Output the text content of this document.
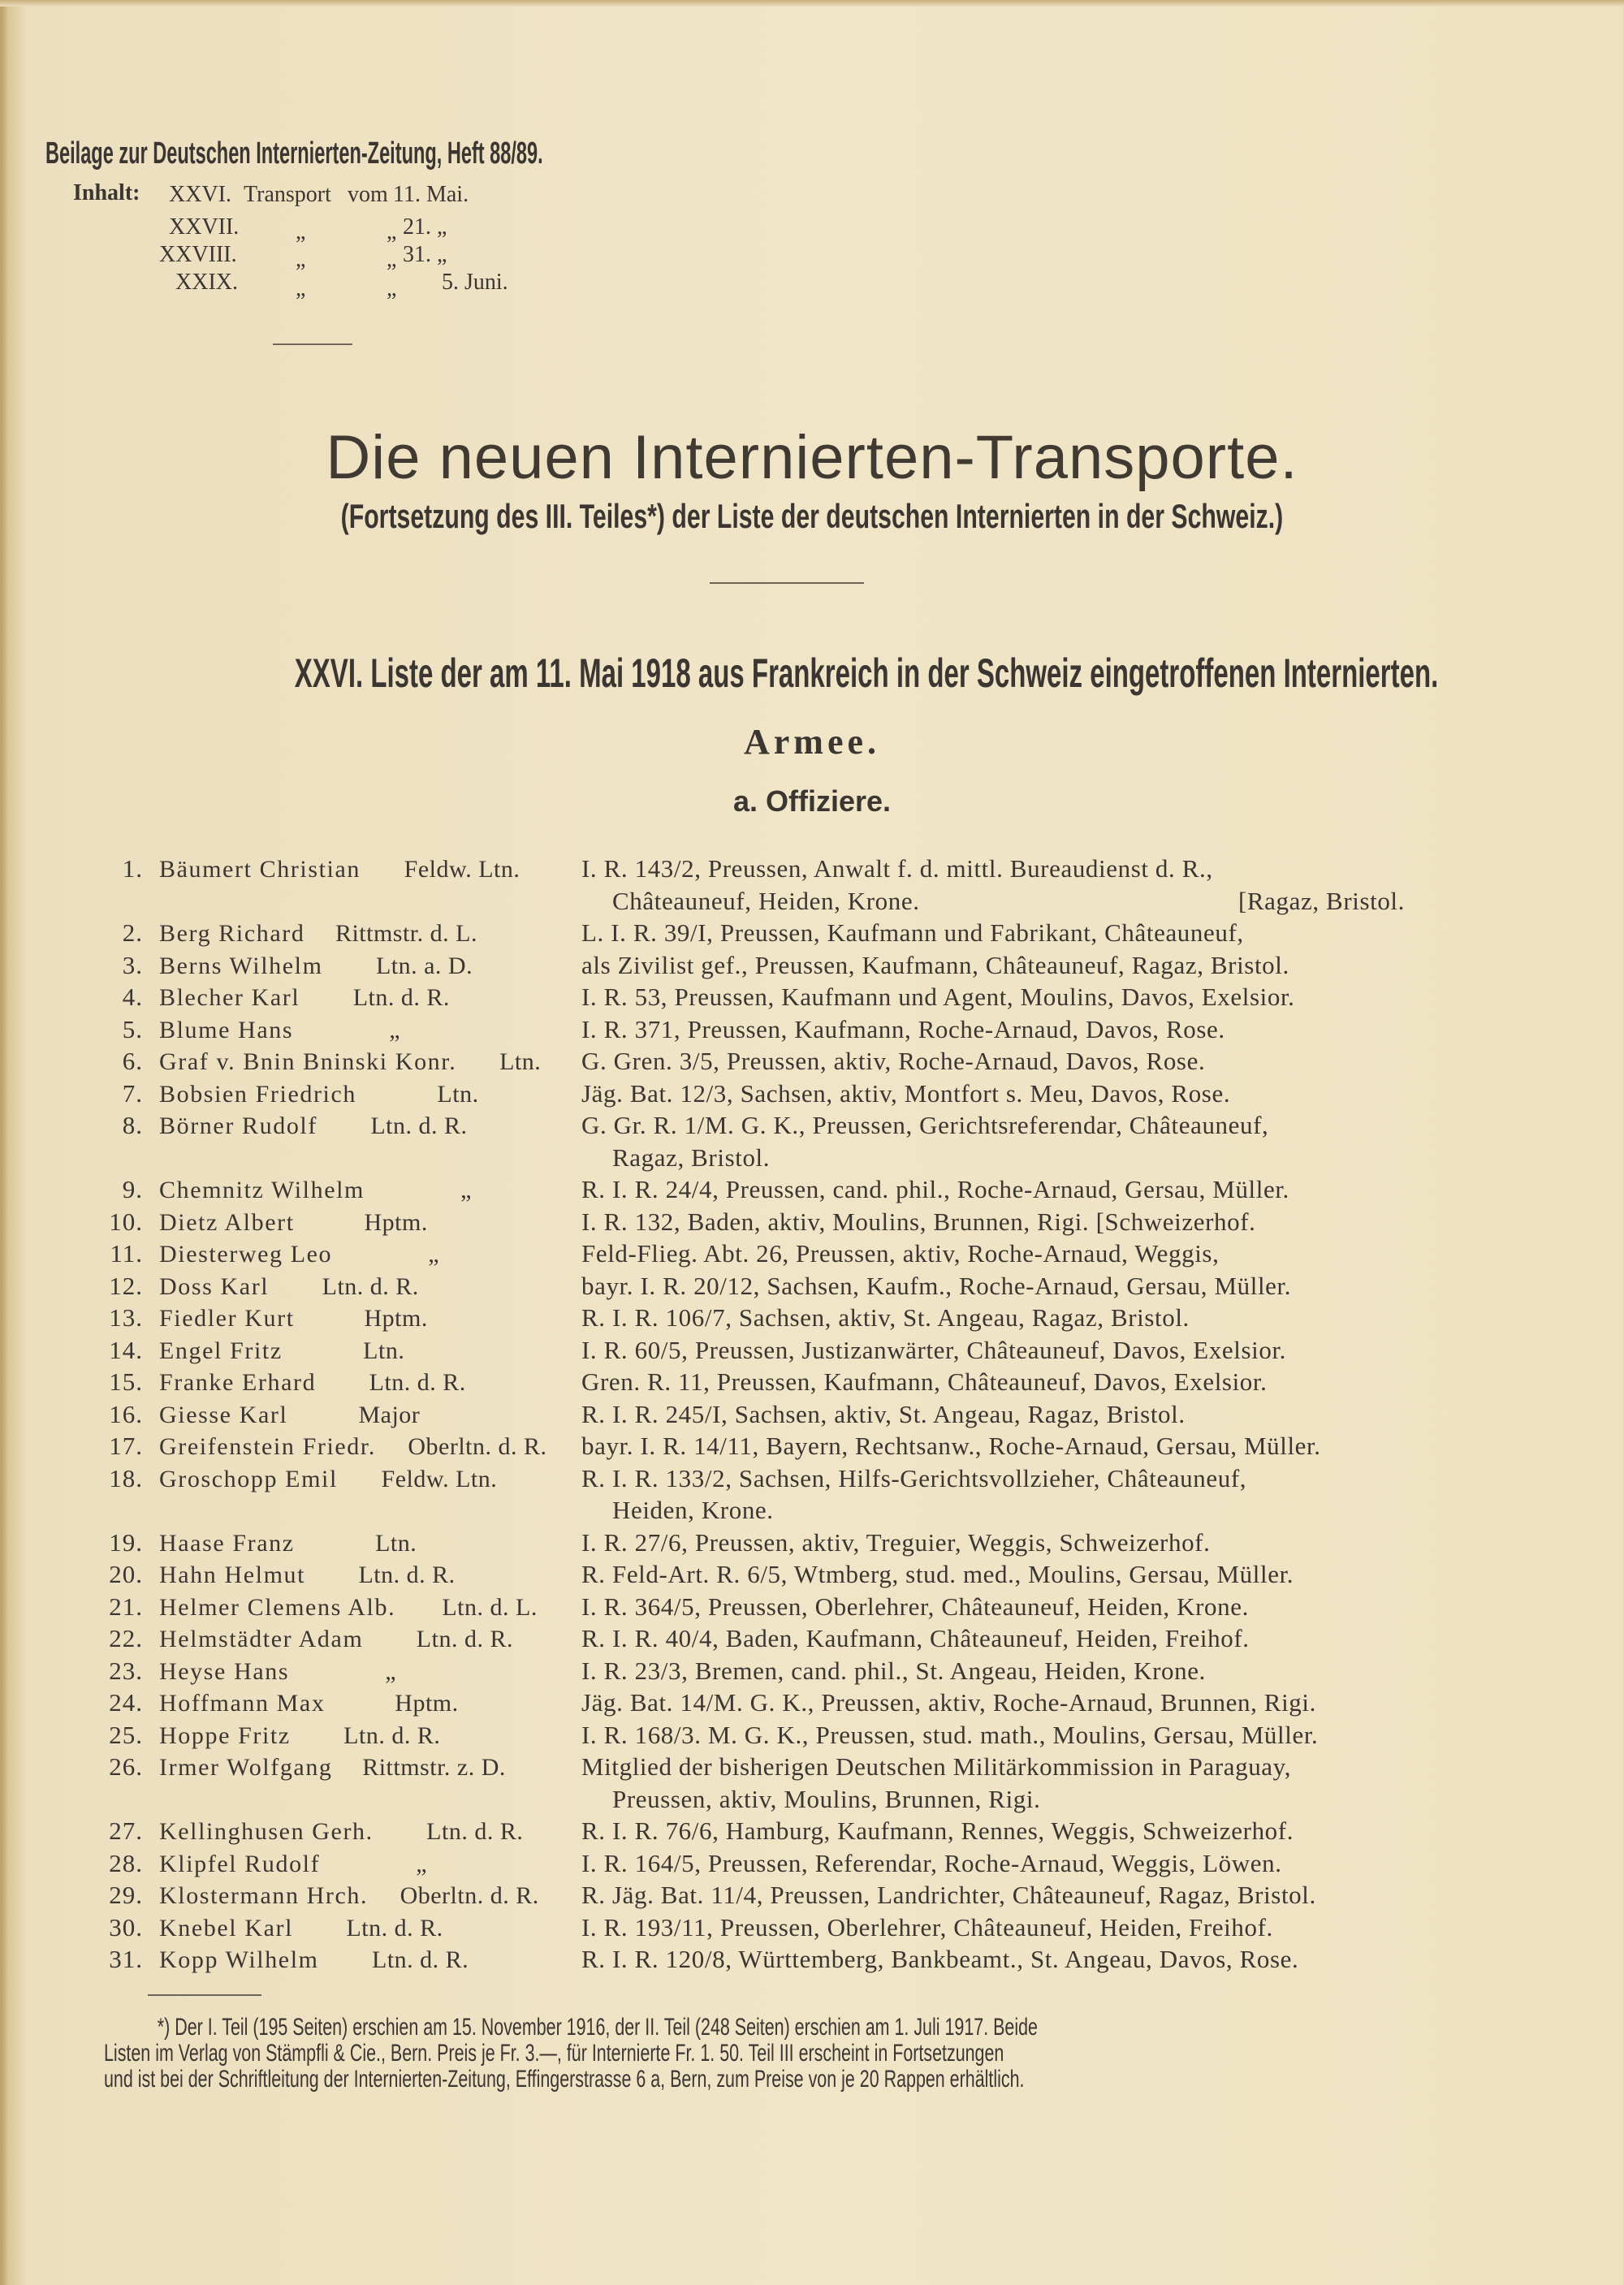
Beilage zur Deutschen Internierten-Zeitung, Heft 88/89.
Inhalt: XXVI. Transport vom 11. Mai.
XXVII. „	„ 21. „
XXVIII.	„	„ 31. „
XXIX.	„	„ 5. Juni.
Die neuen Internierten-Transporte.
(Fortsetzung des III. Teiles*) der Liste der deutschen Internierten in der Schweiz.)
XXVI. Liste der am 11. Mai 1918 aus Frankreich in der Schweiz eingetroffenen Internierten.
Armee.
a. Offiziere.
1. Bäumert Christian	Feldw. Ltn.	I. R. 143/2, Preussen, Anwalt f. d. mittl. Bureaudienst d. R.,
Châteauneuf, Heiden, Krone.	[Ragaz, Bristol.
2. Berg Richard	Rittmstr. d. L.	L. I. R. 39/I, Preussen, Kaufmann und Fabrikant, Châteauneuf,
3. Berns Wilhelm	Ltn. a. D.	als Zivilist gef., Preussen, Kaufmann, Châteauneuf, Ragaz, Bristol.
4. Blecher Karl	Ltn. d. R.	I. R. 53, Preussen, Kaufmann und Agent, Moulins, Davos, Exelsior.
5. Blume Hans	„	I. R. 371, Preussen, Kaufmann, Roche-Arnaud, Davos, Rose.
6. Graf v. Bnin Bninski Konr.	Ltn.	G. Gren. 3/5, Preussen, aktiv, Roche-Arnaud, Davos, Rose.
7. Bobsien Friedrich	Ltn.	Jäg. Bat. 12/3, Sachsen, aktiv, Montfort s. Meu, Davos, Rose.
8. Börner Rudolf	Ltn. d. R.	G. Gr. R. 1/M. G. K., Preussen, Gerichtsreferendar, Châteauneuf,
Ragaz, Bristol.
9. Chemnitz Wilhelm	„	R. I. R. 24/4, Preussen, cand. phil., Roche-Arnaud, Gersau, Müller.
10. Dietz Albert	Hptm.	I. R. 132, Baden, aktiv, Moulins, Brunnen, Rigi. [Schweizerhof.
11. Diesterweg Leo	„	Feld-Flieg. Abt. 26, Preussen, aktiv, Roche-Arnaud, Weggis,
12. Doss Karl	Ltn. d. R.	bayr. I. R. 20/12, Sachsen, Kaufm., Roche-Arnaud, Gersau, Müller.
13. Fiedler Kurt	Hptm.	R. I. R. 106/7, Sachsen, aktiv, St. Angeau, Ragaz, Bristol.
14. Engel Fritz	Ltn.	I. R. 60/5, Preussen, Justizanwärter, Châteauneuf, Davos, Exelsior.
15. Franke Erhard	Ltn. d. R.	Gren. R. 11, Preussen, Kaufmann, Châteauneuf, Davos, Exelsior.
16. Giesse Karl	Major	R. I. R. 245/I, Sachsen, aktiv, St. Angeau, Ragaz, Bristol.
17. Greifenstein Friedr.	Oberltn. d. R.	bayr. I. R. 14/11, Bayern, Rechtsanw., Roche-Arnaud, Gersau, Müller.
18. Groschopp Emil	Feldw. Ltn.	R. I. R. 133/2, Sachsen, Hilfs-Gerichtsvollzieher, Châteauneuf,
Heiden, Krone.
19. Haase Franz	Ltn.	I. R. 27/6, Preussen, aktiv, Treguier, Weggis, Schweizerhof.
20. Hahn Helmut	Ltn. d. R.	R. Feld-Art. R. 6/5, Wtmberg, stud. med., Moulins, Gersau, Müller.
21. Helmer Clemens Alb.	Ltn. d. L.	I. R. 364/5, Preussen, Oberlehrer, Châteauneuf, Heiden, Krone.
22. Helmstädter Adam	Ltn. d. R.	R. I. R. 40/4, Baden, Kaufmann, Châteauneuf, Heiden, Freihof.
23. Heyse Hans	„	I. R. 23/3, Bremen, cand. phil., St. Angeau, Heiden, Krone.
24. Hoffmann Max	Hptm.	Jäg. Bat. 14/M. G. K., Preussen, aktiv, Roche-Arnaud, Brunnen, Rigi.
25. Hoppe Fritz	Ltn. d. R.	I. R. 168/3. M. G. K., Preussen, stud. math., Moulins, Gersau, Müller.
26. Irmer Wolfgang	Rittmstr. z. D.	Mitglied der bisherigen Deutschen Militärkommission in Paraguay,
Preussen, aktiv, Moulins, Brunnen, Rigi.
27. Kellinghusen Gerh.	Ltn. d. R.	R. I. R. 76/6, Hamburg, Kaufmann, Rennes, Weggis, Schweizerhof.
28. Klipfel Rudolf	„	I. R. 164/5, Preussen, Referendar, Roche-Arnaud, Weggis, Löwen.
29. Klostermann Hrch.	Oberltn. d. R.	R. Jäg. Bat. 11/4, Preussen, Landrichter, Châteauneuf, Ragaz, Bristol.
30. Knebel Karl	Ltn. d. R.	I. R. 193/11, Preussen, Oberlehrer, Châteauneuf, Heiden, Freihof.
31. Kopp Wilhelm	Ltn. d. R.	R. I. R. 120/8, Württemberg, Bankbeamt., St. Angeau, Davos, Rose.
*) Der I. Teil (195 Seiten) erschien am 15. November 1916, der II. Teil (248 Seiten) erschien am 1. Juli 1917. Beide
Listen im Verlag von Stämpfli & Cie., Bern. Preis je Fr. 3.—, für Internierte Fr. 1. 50. Teil III erscheint in Fortsetzungen
und ist bei der Schriftleitung der Internierten-Zeitung, Effingerstrasse 6 a, Bern, zum Preise von je 20 Rappen erhältlich.
